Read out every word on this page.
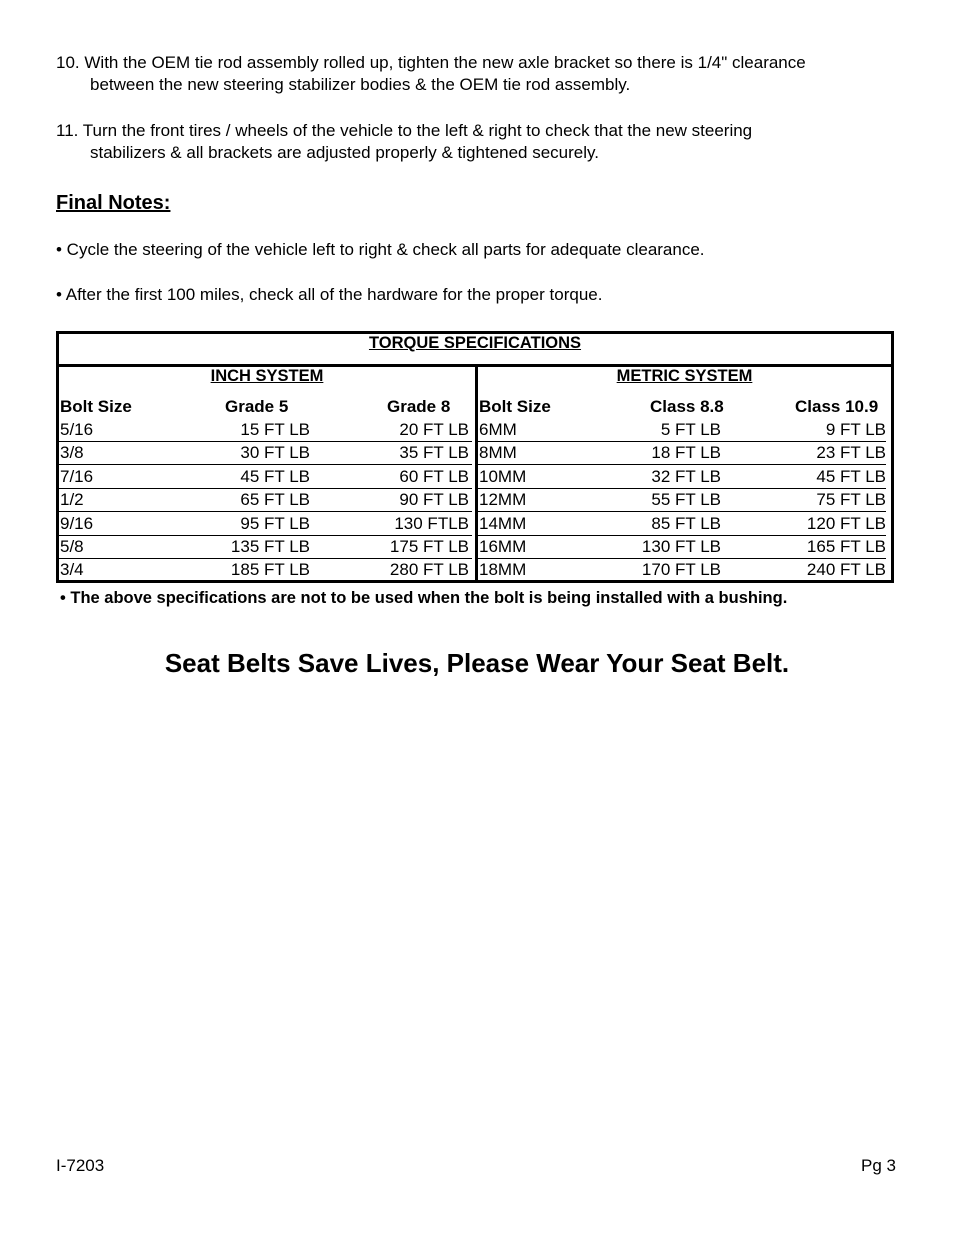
10. With the OEM tie rod assembly rolled up, tighten the new axle bracket so there is 1/4" clearance
between the new steering stabilizer bodies & the OEM tie rod assembly.
11. Turn the front tires / wheels of the vehicle to the left & right to check that the new steering
stabilizers & all brackets are adjusted properly & tightened securely.
Final Notes:
• Cycle the steering of the vehicle left to right & check all parts for adequate clearance.
• After the first 100 miles, check all of the hardware for the proper torque.
TORQUE SPECIFICATIONS
INCH SYSTEM
Bolt Size	Grade 5	Grade 8
5/16	15 FT LB	20 FT LB
3/8	30 FT LB	35 FT LB
7/16	45 FT LB	60 FT LB
1/2	65 FT LB	90 FT LB
9/16	95 FT LB	130 FTLB
5/8	135 FT LB	175 FT LB
3/4	185 FT LB	280 FT LB
METRIC SYSTEM
Bolt Size	Class 8.8	Class 10.9
6MM	5 FT LB	9 FT LB
8MM	18 FT LB	23 FT LB
10MM	32 FT LB	45 FT LB
12MM	55 FT LB	75 FT LB
14MM	85 FT LB	120 FT LB
16MM	130 FT LB	165 FT LB
18MM	170 FT LB	240 FT LB
• The above specifications are not to be used when the bolt is being installed with a bushing.
Seat Belts Save Lives, Please Wear Your Seat Belt.
I-7203	Pg 3
